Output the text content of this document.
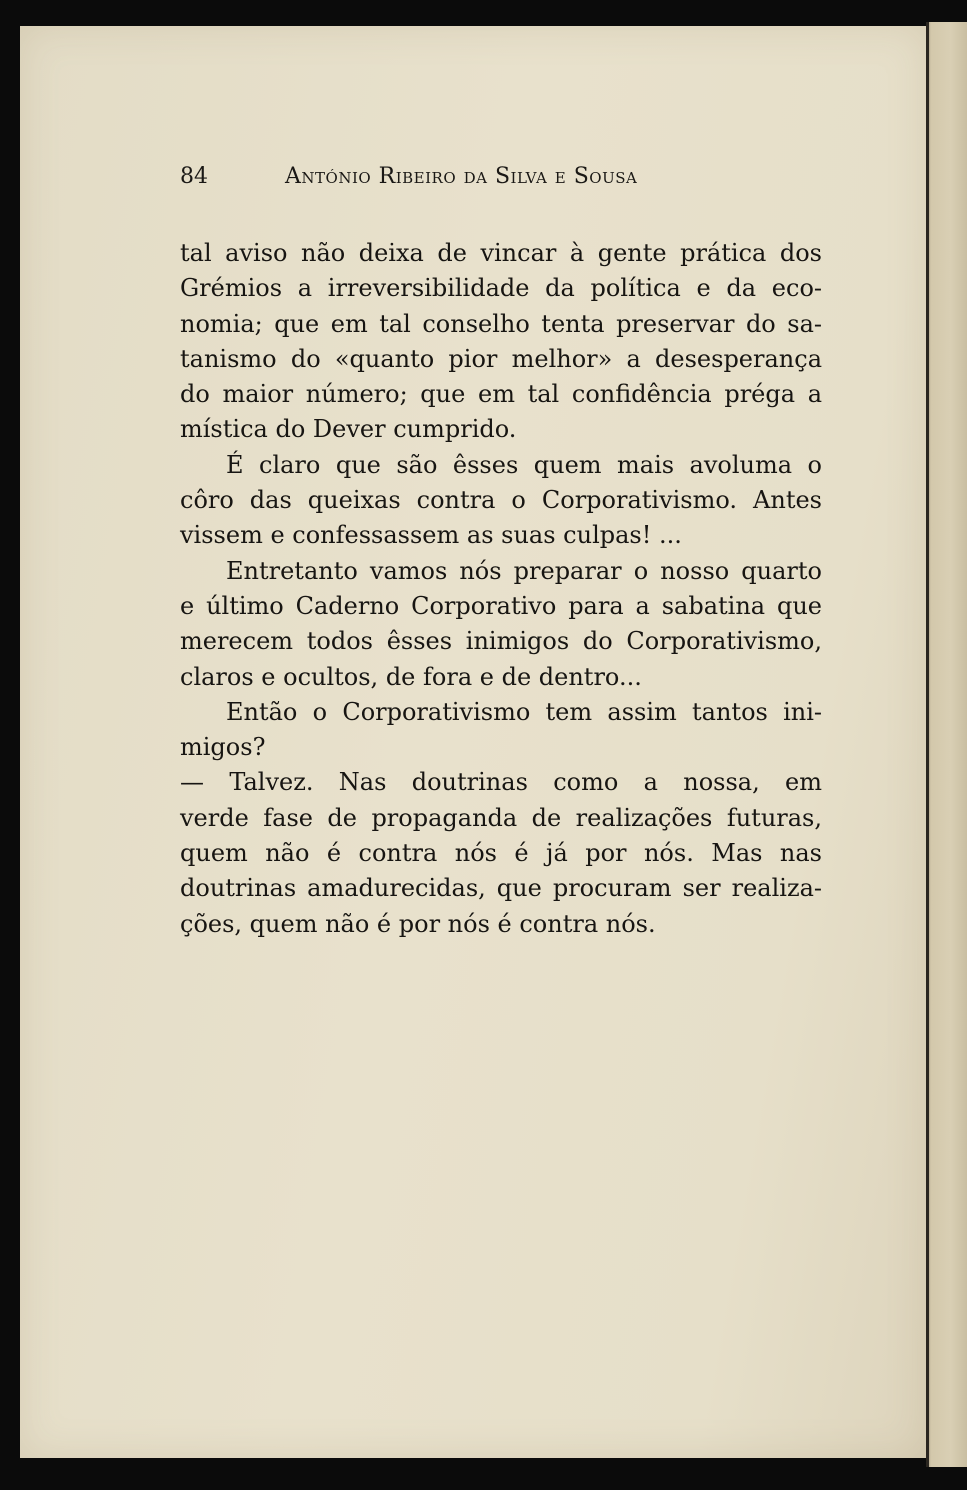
84	António Ribeiro da Silva e Sousa
tal aviso não deixa de vincar à gente prática dos
Grémios a irreversibilidade da política e da eco-
nomia; que em tal conselho tenta preservar do sa-
tanismo do «quanto pior melhor» a desesperança
do maior número; que em tal confidência préga a
mística do Dever cumprido.
É claro que são êsses quem mais avoluma o
côro das queixas contra o Corporativismo. Antes
vissem e confessassem as suas culpas! ...
Entretanto vamos nós preparar o nosso quarto
e último Caderno Corporativo para a sabatina que
merecem todos êsses inimigos do Corporativismo,
claros e ocultos, de fora e de dentro...
Então o Corporativismo tem assim tantos ini-
migos?
— Talvez. Nas doutrinas como a nossa, em
verde fase de propaganda de realizações futuras,
quem não é contra nós é já por nós. Mas nas
doutrinas amadurecidas, que procuram ser realiza-
ções, quem não é por nós é contra nós.
